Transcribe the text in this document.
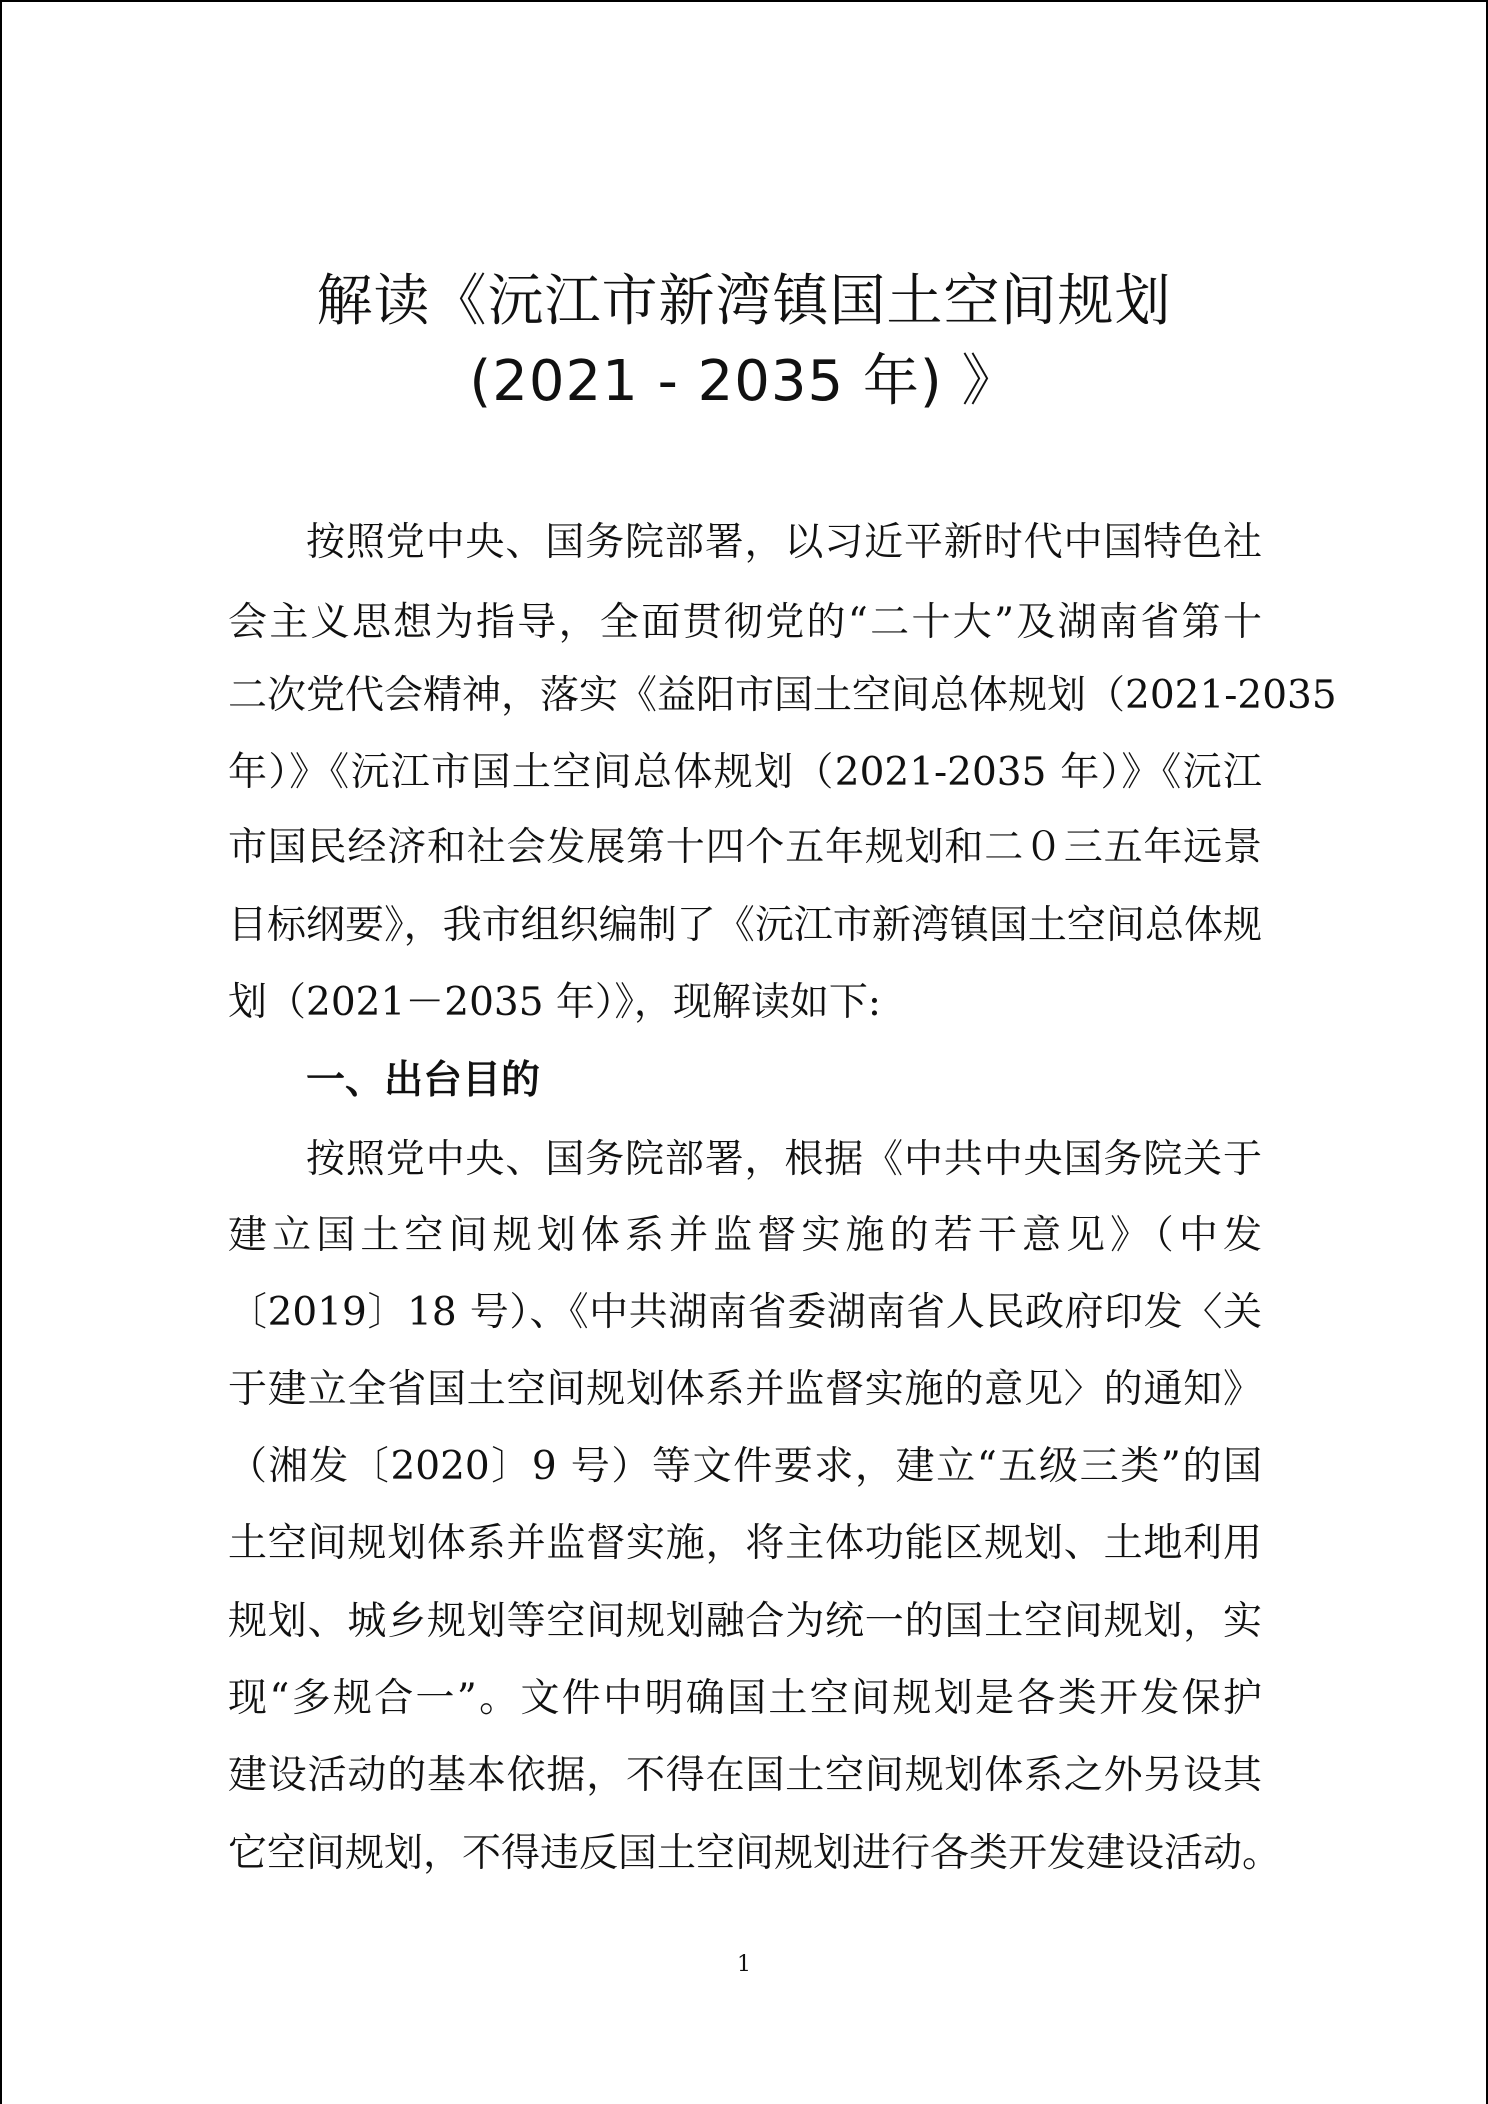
解读《沅江市新湾镇国土空间规划
(2021 - 2035 年) 》
按照党中央、国务院部署，以习近平新时代中国特色社
会主义思想为指导，全面贯彻党的“二十大”及湖南省第十
二次党代会精神，落实《益阳市国土空间总体规划（2021-2035
年）》《沅江市国土空间总体规划（2021-2035 年）》《沅江
市国民经济和社会发展第十四个五年规划和二０三五年远景
目标纲要》，我市组织编制了《沅江市新湾镇国土空间总体规
划（2021－2035 年）》，现解读如下:
一、出台目的
按照党中央、国务院部署，根据《中共中央国务院关于
建立国土空间规划体系并监督实施的若干意见》（中发
〔2019〕18 号）、《中共湖南省委湖南省人民政府印发〈关
于建立全省国土空间规划体系并监督实施的意见〉的通知》
（湘发〔2020〕9 号）等文件要求，建立“五级三类”的国
土空间规划体系并监督实施，将主体功能区规划、土地利用
规划、城乡规划等空间规划融合为统一的国土空间规划，实
现“多规合一”。文件中明确国土空间规划是各类开发保护
建设活动的基本依据，不得在国土空间规划体系之外另设其
它空间规划，不得违反国土空间规划进行各类开发建设活动。
1
